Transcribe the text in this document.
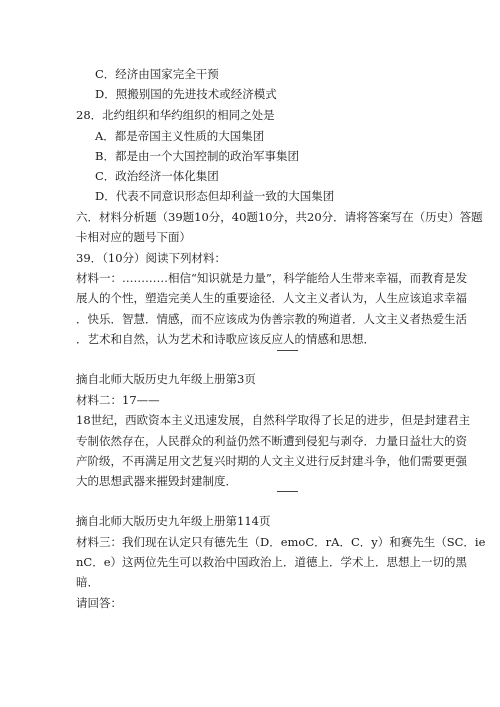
C．经济由国家完全干预
D．照搬别国的先进技术或经济模式
28．北约组织和华约组织的相同之处是
A．都是帝国主义性质的大国集团
B．都是由一个大国控制的政治军事集团
C．政治经济一体化集团
D．代表不同意识形态但却利益一致的大国集团
六．材料分析题（39题10分，40题10分，共20分．请将答案写在（历史）答题
卡相对应的题号下面）
39．（10分）阅读下列材料：
材料一：…………相信“知识就是力量”，科学能给人生带来幸福，而教育是发
展人的个性，塑造完美人生的重要途径．人文主义者认为，人生应该追求幸福
．快乐．智慧．情感，而不应该成为伪善宗教的殉道者．人文主义者热爱生活
．艺术和自然，认为艺术和诗歌应该反应人的情感和思想．
摘自北师大版历史九年级上册第3页
材料二：17——
18世纪，西欧资本主义迅速发展，自然科学取得了长足的进步，但是封建君主
专制依然存在，人民群众的利益仍然不断遭到侵犯与剥夺．力量日益壮大的资
产阶级，不再满足用文艺复兴时期的人文主义进行反封建斗争，他们需要更强
大的思想武器来摧毁封建制度．
摘自北师大版历史九年级上册第114页
材料三：我们现在认定只有德先生（D．emoC．rA．C．y）和赛先生（SC．ie
nC．e）这两位先生可以救治中国政治上．道德上．学术上．思想上一切的黑
暗．
请回答：
